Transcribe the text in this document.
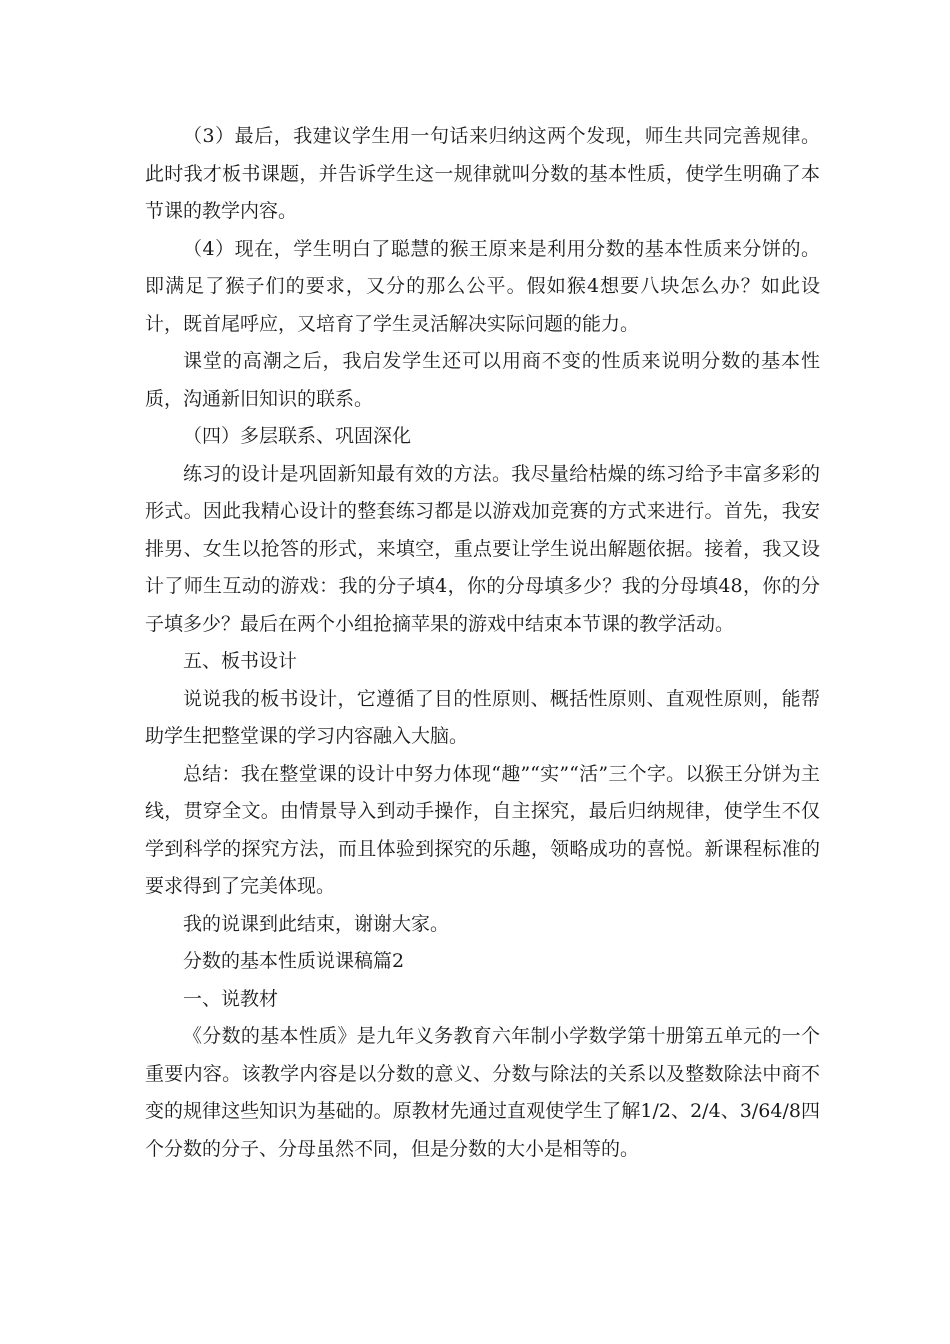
（3）最后，我建议学生用一句话来归纳这两个发现，师生共同完善规律。此时我才板书课题，并告诉学生这一规律就叫分数的基本性质，使学生明确了本节课的教学内容。

（4）现在，学生明白了聪慧的猴王原来是利用分数的基本性质来分饼的。即满足了猴子们的要求，又分的那么公平。假如猴4想要八块怎么办？如此设计，既首尾呼应，又培育了学生灵活解决实际问题的能力。

课堂的高潮之后，我启发学生还可以用商不变的性质来说明分数的基本性质，沟通新旧知识的联系。

（四）多层联系、巩固深化

练习的设计是巩固新知最有效的方法。我尽量给枯燥的练习给予丰富多彩的形式。因此我精心设计的整套练习都是以游戏加竞赛的方式来进行。首先，我安排男、女生以抢答的形式，来填空，重点要让学生说出解题依据。接着，我又设计了师生互动的游戏：我的分子填4，你的分母填多少？我的分母填48，你的分子填多少？最后在两个小组抢摘苹果的游戏中结束本节课的教学活动。

五、板书设计

说说我的板书设计，它遵循了目的性原则、概括性原则、直观性原则，能帮助学生把整堂课的学习内容融入大脑。

总结：我在整堂课的设计中努力体现“趣”“实”“活”三个字。以猴王分饼为主线，贯穿全文。由情景导入到动手操作，自主探究，最后归纳规律，使学生不仅学到科学的探究方法，而且体验到探究的乐趣，领略成功的喜悦。新课程标准的要求得到了完美体现。

我的说课到此结束，谢谢大家。

分数的基本性质说课稿篇2

一、说教材

《分数的基本性质》是九年义务教育六年制小学数学第十册第五单元的一个重要内容。该教学内容是以分数的意义、分数与除法的关系以及整数除法中商不变的规律这些知识为基础的。原教材先通过直观使学生了解1/2、2/4、3/64/8四个分数的分子、分母虽然不同，但是分数的大小是相等的。
